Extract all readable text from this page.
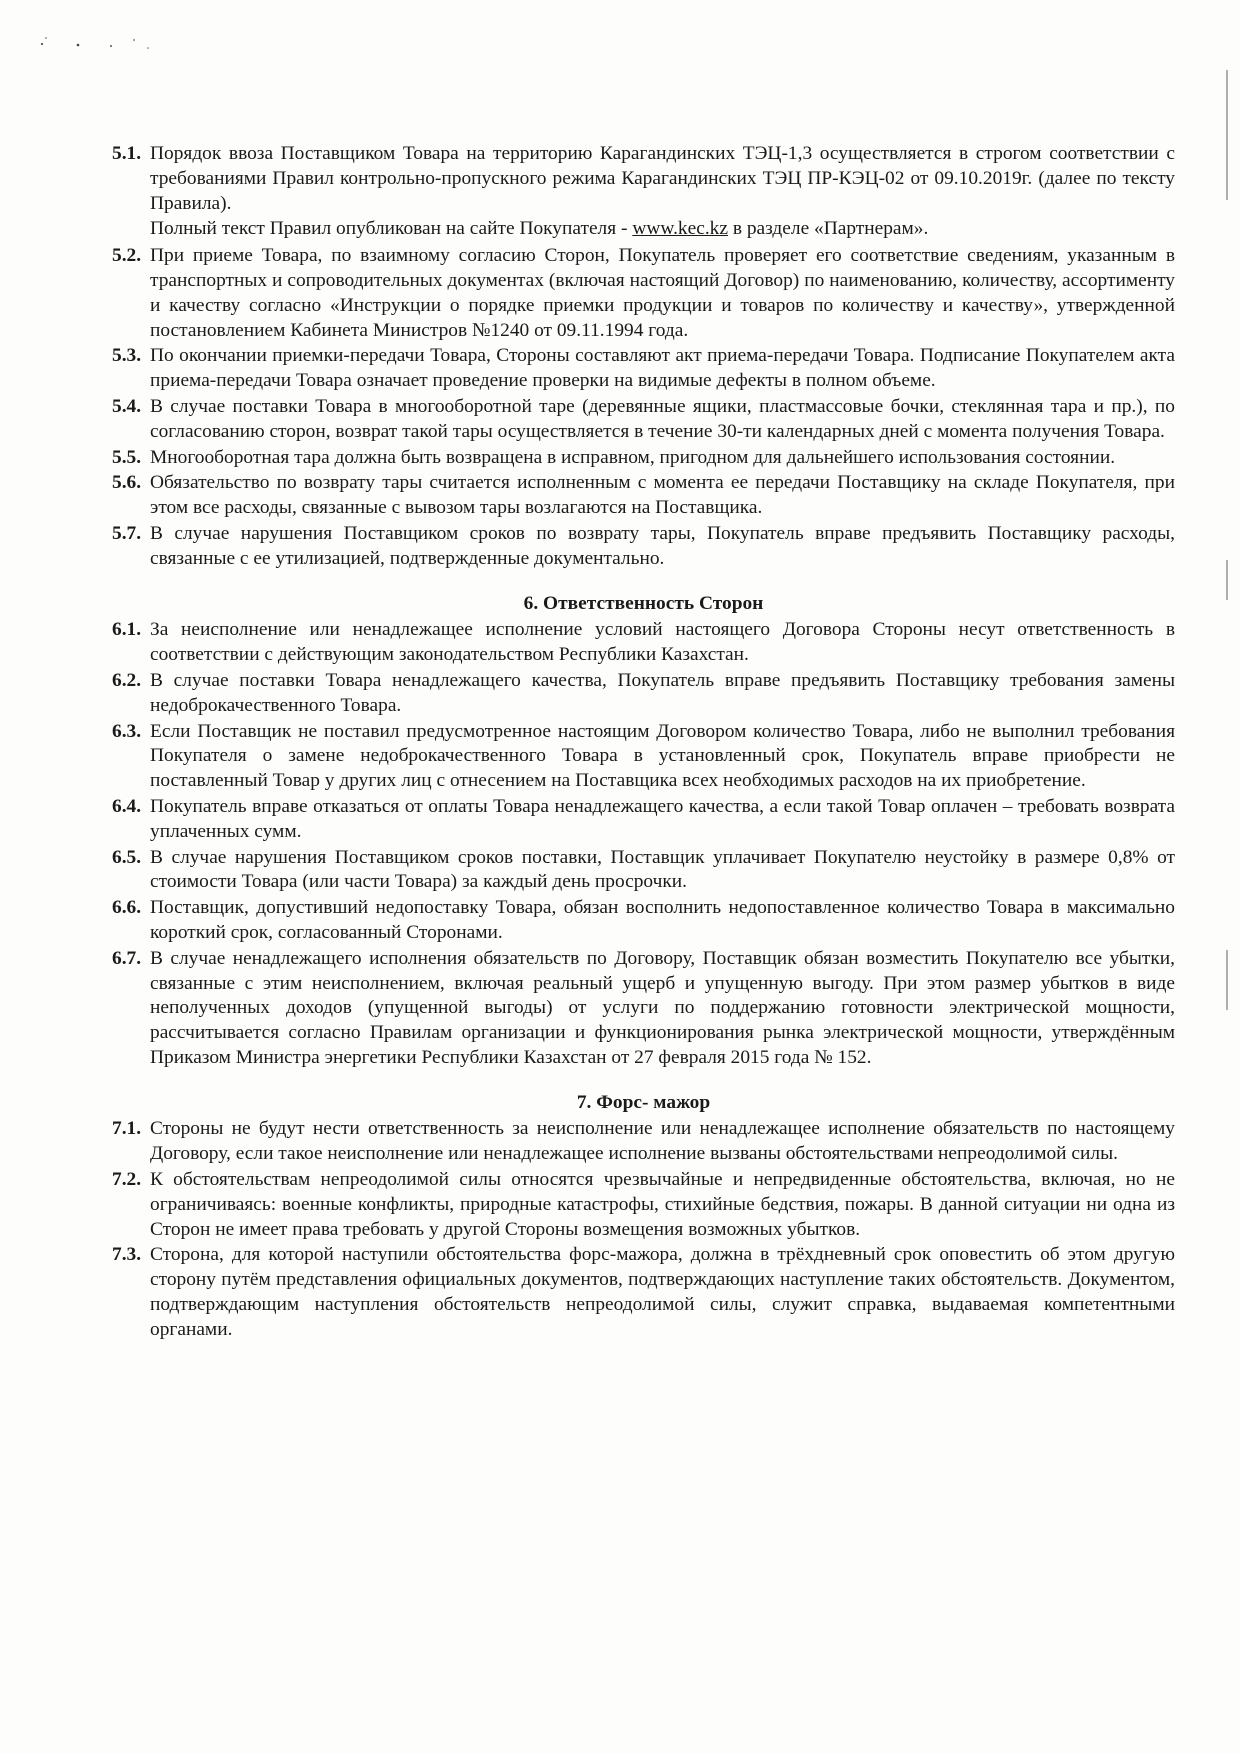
5.1. Порядок ввоза Поставщиком Товара на территорию Карагандинских ТЭЦ-1,3 осуществляется в строгом соответствии с требованиями Правил контрольно-пропускного режима Карагандинских ТЭЦ ПР-КЭЦ-02 от 09.10.2019г. (далее по тексту Правила).
Полный текст Правил опубликован на сайте Покупателя - www.kec.kz в разделе «Партнерам».
5.2. При приеме Товара, по взаимному согласию Сторон, Покупатель проверяет его соответствие сведениям, указанным в транспортных и сопроводительных документах (включая настоящий Договор) по наименованию, количеству, ассортименту и качеству согласно «Инструкции о порядке приемки продукции и товаров по количеству и качеству», утвержденной постановлением Кабинета Министров №1240 от 09.11.1994 года.
5.3. По окончании приемки-передачи Товара, Стороны составляют акт приема-передачи Товара. Подписание Покупателем акта приема-передачи Товара означает проведение проверки на видимые дефекты в полном объеме.
5.4. В случае поставки Товара в многооборотной таре (деревянные ящики, пластмассовые бочки, стеклянная тара и пр.), по согласованию сторон, возврат такой тары осуществляется в течение 30-ти календарных дней с момента получения Товара.
5.5. Многооборотная тара должна быть возвращена в исправном, пригодном для дальнейшего использования состоянии.
5.6. Обязательство по возврату тары считается исполненным с момента ее передачи Поставщику на складе Покупателя, при этом все расходы, связанные с вывозом тары возлагаются на Поставщика.
5.7. В случае нарушения Поставщиком сроков по возврату тары, Покупатель вправе предъявить Поставщику расходы, связанные с ее утилизацией, подтвержденные документально.
6. Ответственность Сторон
6.1. За неисполнение или ненадлежащее исполнение условий настоящего Договора Стороны несут ответственность в соответствии с действующим законодательством Республики Казахстан.
6.2. В случае поставки Товара ненадлежащего качества, Покупатель вправе предъявить Поставщику требования замены недоброкачественного Товара.
6.3. Если Поставщик не поставил предусмотренное настоящим Договором количество Товара, либо не выполнил требования Покупателя о замене недоброкачественного Товара в установленный срок, Покупатель вправе приобрести не поставленный Товар у других лиц с отнесением на Поставщика всех необходимых расходов на их приобретение.
6.4. Покупатель вправе отказаться от оплаты Товара ненадлежащего качества, а если такой Товар оплачен – требовать возврата уплаченных сумм.
6.5. В случае нарушения Поставщиком сроков поставки, Поставщик уплачивает Покупателю неустойку в размере 0,8% от стоимости Товара (или части Товара) за каждый день просрочки.
6.6. Поставщик, допустивший недопоставку Товара, обязан восполнить недопоставленное количество Товара в максимально короткий срок, согласованный Сторонами.
6.7. В случае ненадлежащего исполнения обязательств по Договору, Поставщик обязан возместить Покупателю все убытки, связанные с этим неисполнением, включая реальный ущерб и упущенную выгоду. При этом размер убытков в виде неполученных доходов (упущенной выгоды) от услуги по поддержанию готовности электрической мощности, рассчитывается согласно Правилам организации и функционирования рынка электрической мощности, утверждённым Приказом Министра энергетики Республики Казахстан от 27 февраля 2015 года № 152.
7. Форс- мажор
7.1. Стороны не будут нести ответственность за неисполнение или ненадлежащее исполнение обязательств по настоящему Договору, если такое неисполнение или ненадлежащее исполнение вызваны обстоятельствами непреодолимой силы.
7.2. К обстоятельствам непреодолимой силы относятся чрезвычайные и непредвиденные обстоятельства, включая, но не ограничиваясь: военные конфликты, природные катастрофы, стихийные бедствия, пожары. В данной ситуации ни одна из Сторон не имеет права требовать у другой Стороны возмещения возможных убытков.
7.3. Сторона, для которой наступили обстоятельства форс-мажора, должна в трёхдневный срок оповестить об этом другую сторону путём представления официальных документов, подтверждающих наступление таких обстоятельств. Документом, подтверждающим наступления обстоятельств непреодолимой силы, служит справка, выдаваемая компетентными органами.
